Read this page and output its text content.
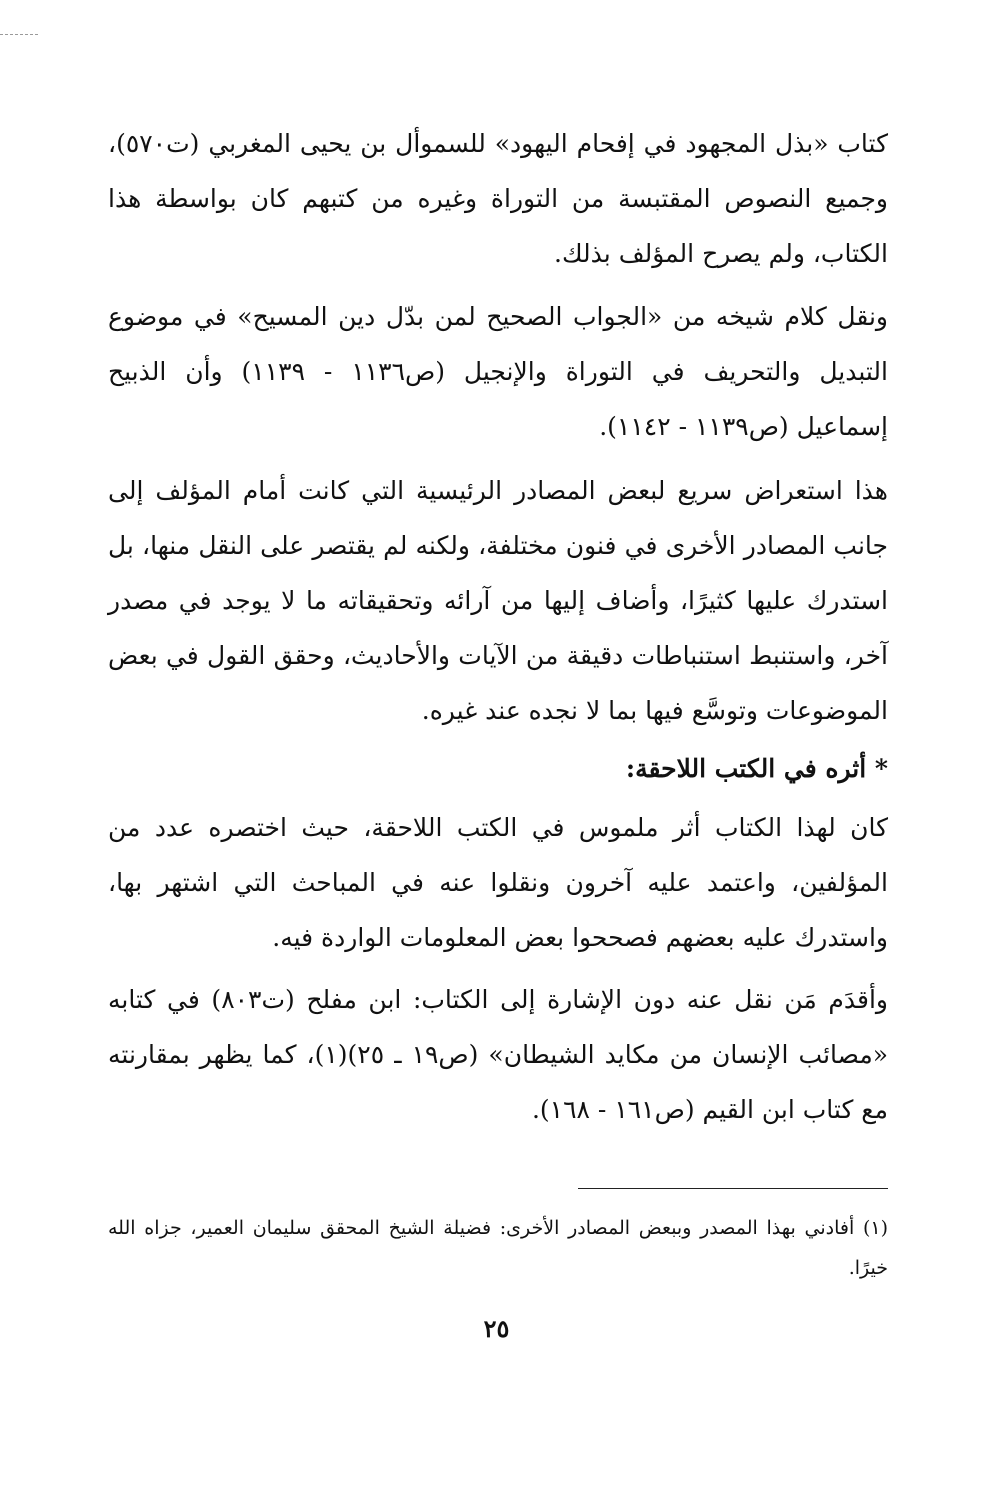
كتاب «بذل المجهود في إفحام اليهود» للسموأل بن يحيى المغربي (ت٥٧٠)، وجميع النصوص المقتبسة من التوراة وغيره من كتبهم كان بواسطة هذا الكتاب، ولم يصرح المؤلف بذلك.
ونقل كلام شيخه من «الجواب الصحيح لمن بدّل دين المسيح» في موضوع التبديل والتحريف في التوراة والإنجيل (ص١١٣٦ - ١١٣٩) وأن الذبيح إسماعيل (ص١١٣٩ - ١١٤٢).
هذا استعراض سريع لبعض المصادر الرئيسية التي كانت أمام المؤلف إلى جانب المصادر الأخرى في فنون مختلفة، ولكنه لم يقتصر على النقل منها، بل استدرك عليها كثيرًا، وأضاف إليها من آرائه وتحقيقاته ما لا يوجد في مصدر آخر، واستنبط استنباطات دقيقة من الآيات والأحاديث، وحقق القول في بعض الموضوعات وتوسَّع فيها بما لا نجده عند غيره.
* أثره في الكتب اللاحقة:
كان لهذا الكتاب أثر ملموس في الكتب اللاحقة، حيث اختصره عدد من المؤلفين، واعتمد عليه آخرون ونقلوا عنه في المباحث التي اشتهر بها، واستدرك عليه بعضهم فصححوا بعض المعلومات الواردة فيه.
وأقدَم مَن نقل عنه دون الإشارة إلى الكتاب: ابن مفلح (ت٨٠٣) في كتابه «مصائب الإنسان من مكايد الشيطان» (ص١٩ ـ ٢٥)(١)، كما يظهر بمقارنته مع كتاب ابن القيم (ص١٦١ - ١٦٨).
(١) أفادني بهذا المصدر وببعض المصادر الأخرى: فضيلة الشيخ المحقق سليمان العمير، جزاه الله خيرًا.
٢٥
